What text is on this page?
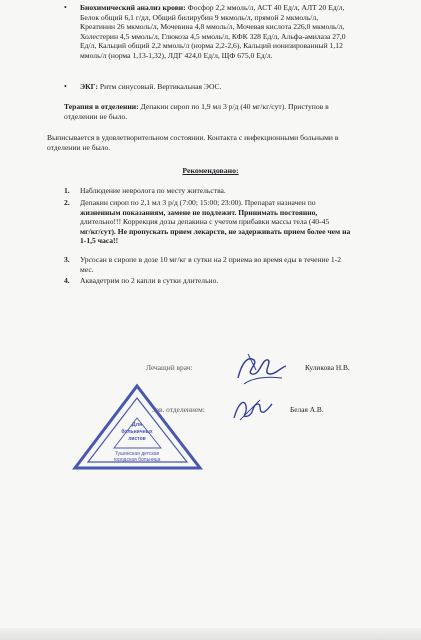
• Биохимический анализ крови: Фосфор 2,2 ммоль/л, АСТ 40 Ед/л, АЛТ 20 Ед/л,
Белок общий 6,1 г/дл, Общий билирубин 9 мкмоль/л, прямой 2 мкмоль/л,
Креатинин 26 мкмоль/л, Мочевина 4,8 ммоль/л, Мочевая кислота 226,0 мкмоль/л,
Холестерин 4,5 ммоль/л, Глюкоза 4,5 ммоль/л, КФК 328 Ед/л, Альфа-амилаза 27,0
Ед/л, Кальций общий 2,2 ммоль/л (норма 2,2-2,6), Кальций ионизированный 1,12
ммоль/л (норма 1,13-1,32), ЛДГ 424,0 Ед/л, ЩФ 675,0 Ед/л.
• ЭКГ: Ритм синусовый. Вертикальная ЭОС.
Терапия в отделении: Депакин сироп по 1,9 мл 3 р/д (40 мг/кг/сут). Приступов в
отделении не было.
Выписывается в удовлетворительном состоянии. Контакта с инфекционными больными в
отделении не было.
Рекомендовано:
1. Наблюдение невролога по месту жительства.
2. Депакин сироп по 2,1 мл 3 р/д (7:00; 15:00; 23:00). Препарат назначен по
жизненным показаниям, замене не подлежит. Принимать постоянно,
длительно!!! Коррекция дозы депакина с учетом прибавки массы тела (40-45
мг/кг/сут). Не пропускать прием лекарств, не задерживать прием более чем на
1-1,5 часа!!
3. Урсосан в сиропе в дозе 10 мг/кг в сутки на 2 приема во время еды в течение 1-2
мес.
4. Аквадетрим по 2 капли в сутки длительно.
Лечащий врач:	Куликова Н.В.
Зав. отделением:	Белая А.В.
Для
больничных
листов
Тушинская детская
городская больница
